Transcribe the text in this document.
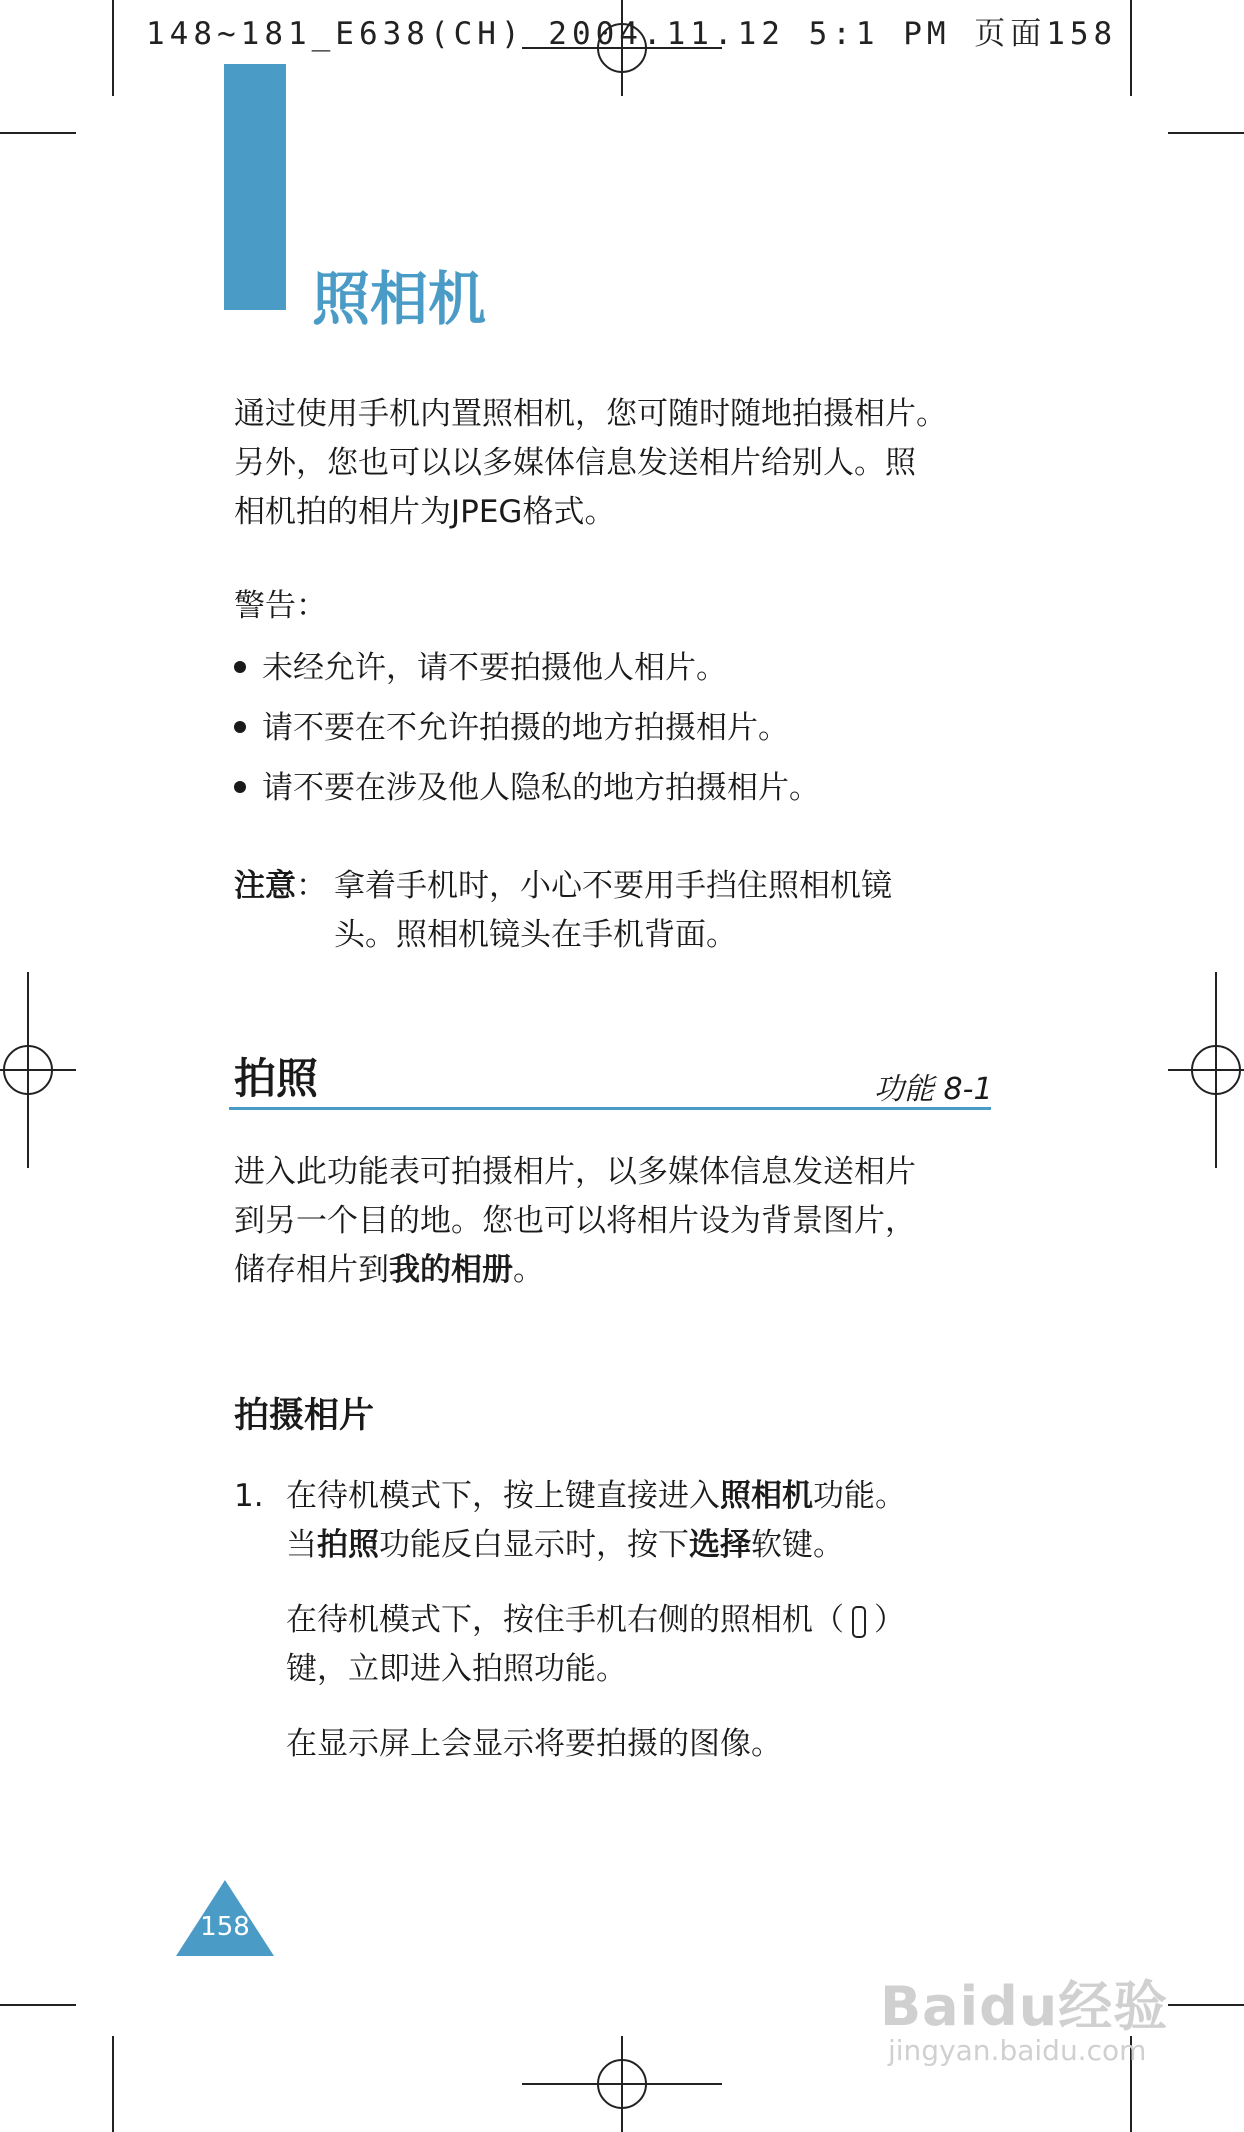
148~181_E638(CH) 2004.11.12 5:1 PM 页面158
照相机
通过使用手机内置照相机，您可随时随地拍摄相片。
另外，您也可以以多媒体信息发送相片给别人。照
相机拍的相片为JPEG格式。
警告：
未经允许，请不要拍摄他人相片。
请不要在不允许拍摄的地方拍摄相片。
请不要在涉及他人隐私的地方拍摄相片。
注意： 拿着手机时，小心不要用手挡住照相机镜
头。照相机镜头在手机背面。
拍照	功能 8-1
进入此功能表可拍摄相片，以多媒体信息发送相片
到另一个目的地。您也可以将相片设为背景图片，
储存相片到我的相册。
拍摄相片
1. 在待机模式下，按上键直接进入照相机功能。
当拍照功能反白显示时，按下选择软键。
在待机模式下，按住手机右侧的照相机（ ）
键，立即进入拍照功能。
在显示屏上会显示将要拍摄的图像。
158
Baidu经验
jingyan.baidu.com
